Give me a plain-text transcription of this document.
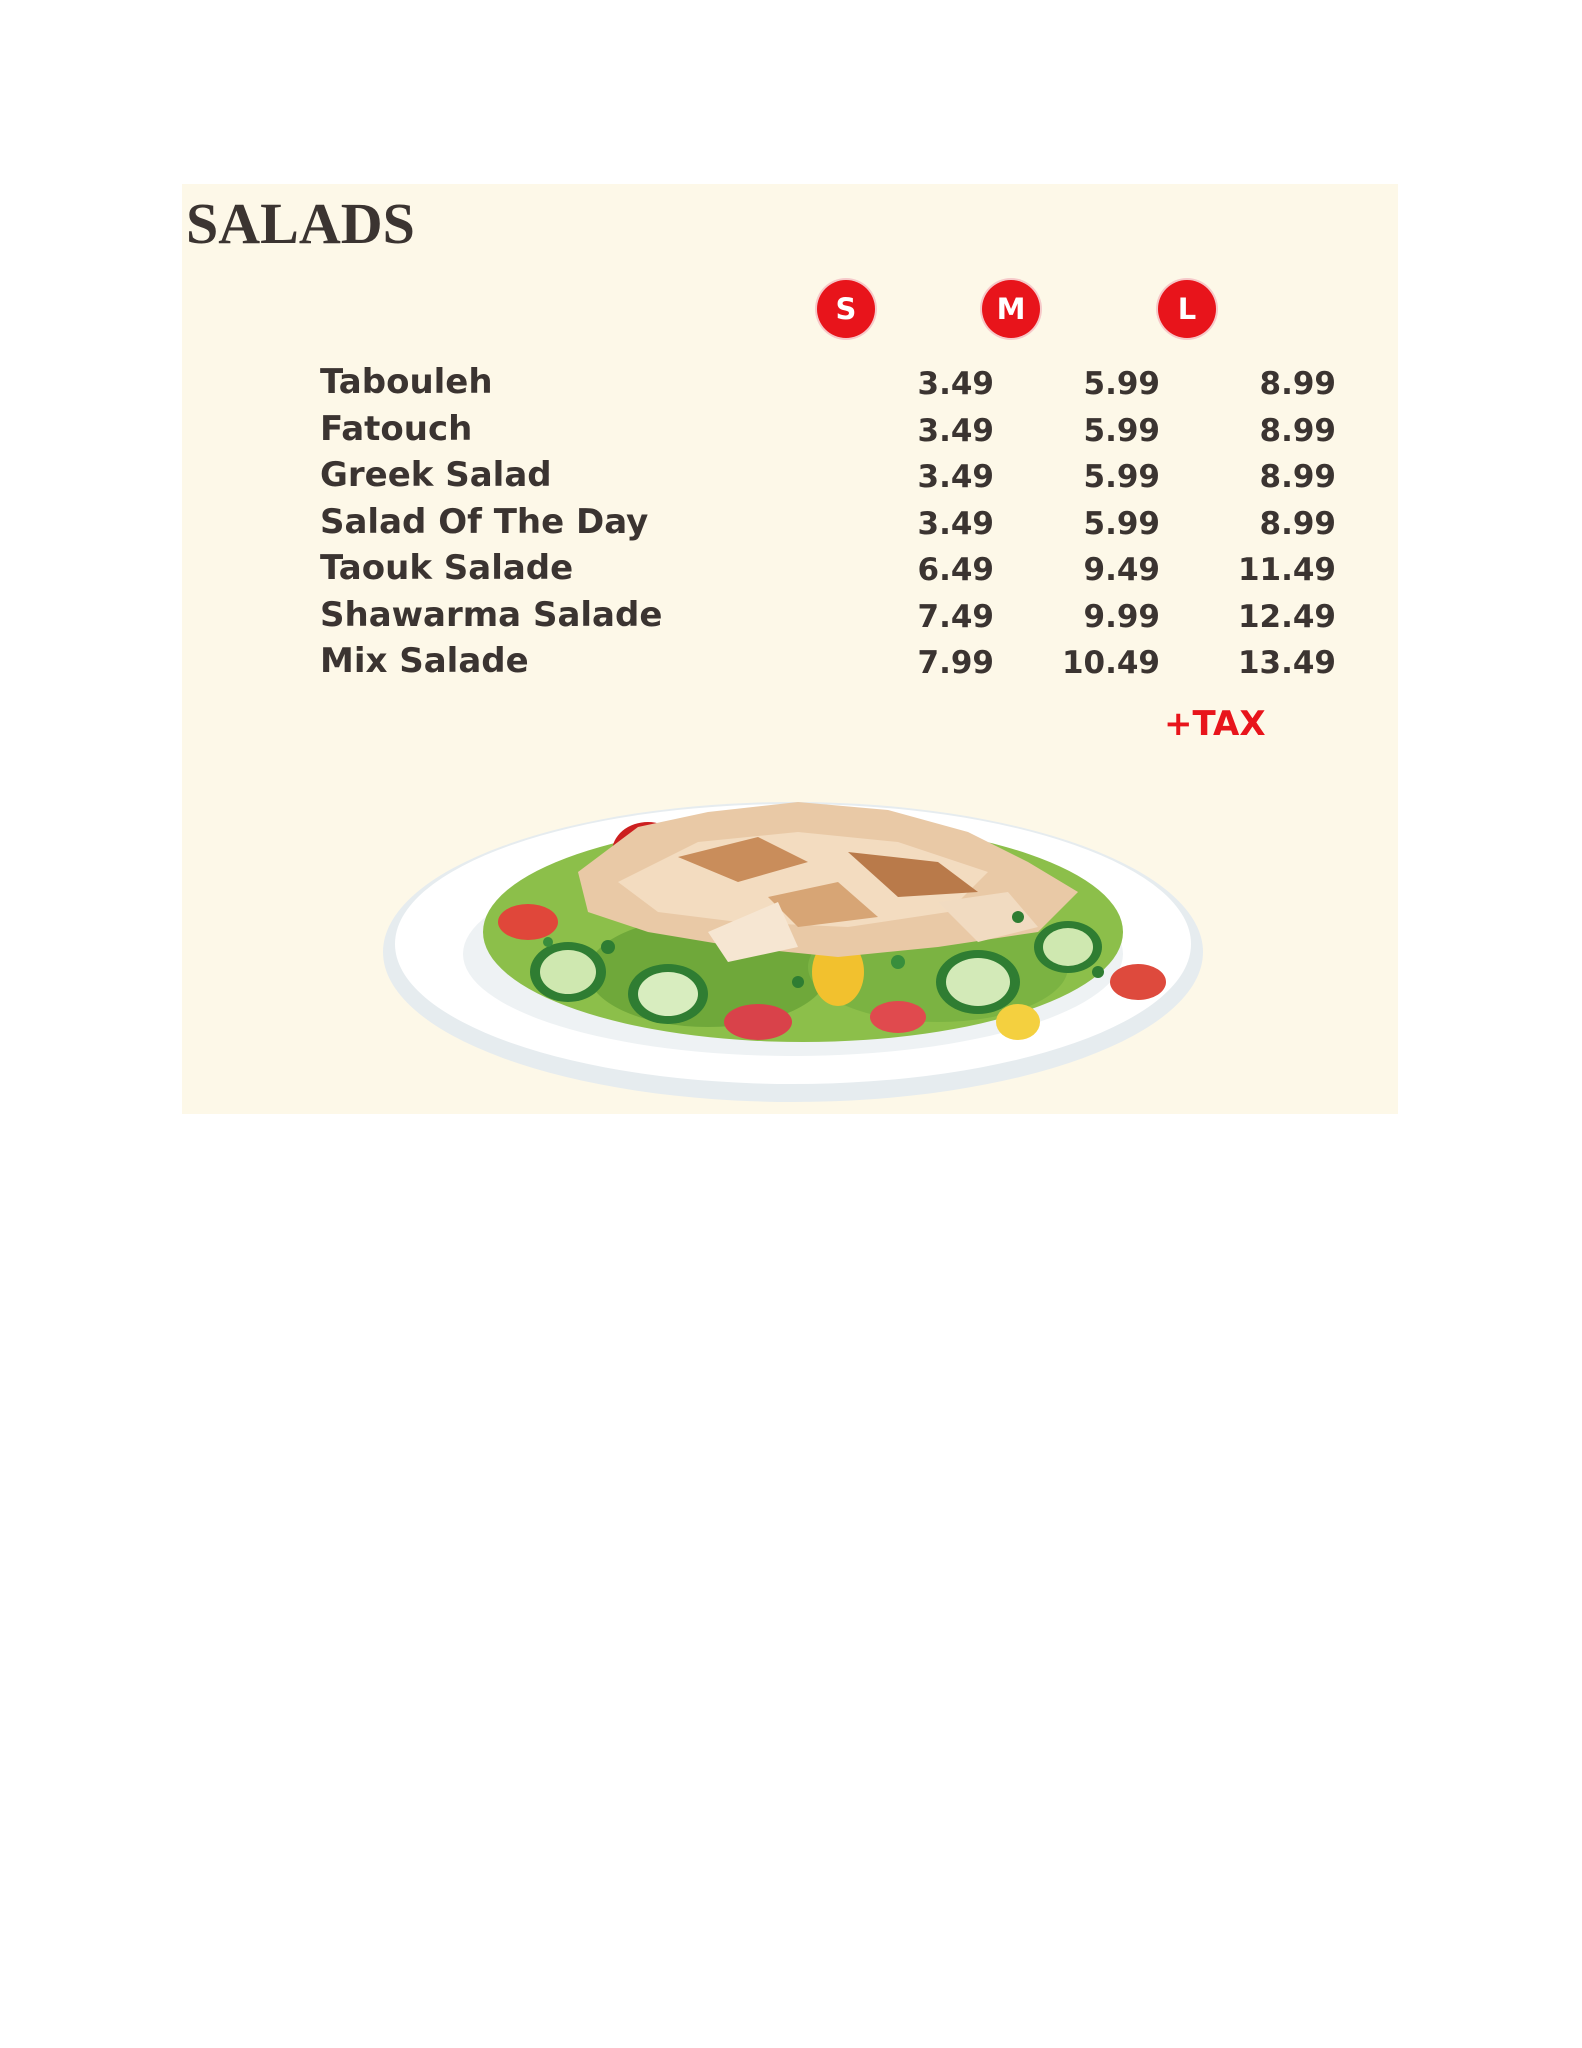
SALADS
S	M	L
Tabouleh	3.49	5.99	8.99
Fatouch	3.49	5.99	8.99
Greek Salad	3.49	5.99	8.99
Salad Of The Day	3.49	5.99	8.99
Taouk Salade	6.49	9.49	11.49
Shawarma Salade	7.49	9.99	12.49
Mix Salade	7.99	10.49	13.49
+TAX
